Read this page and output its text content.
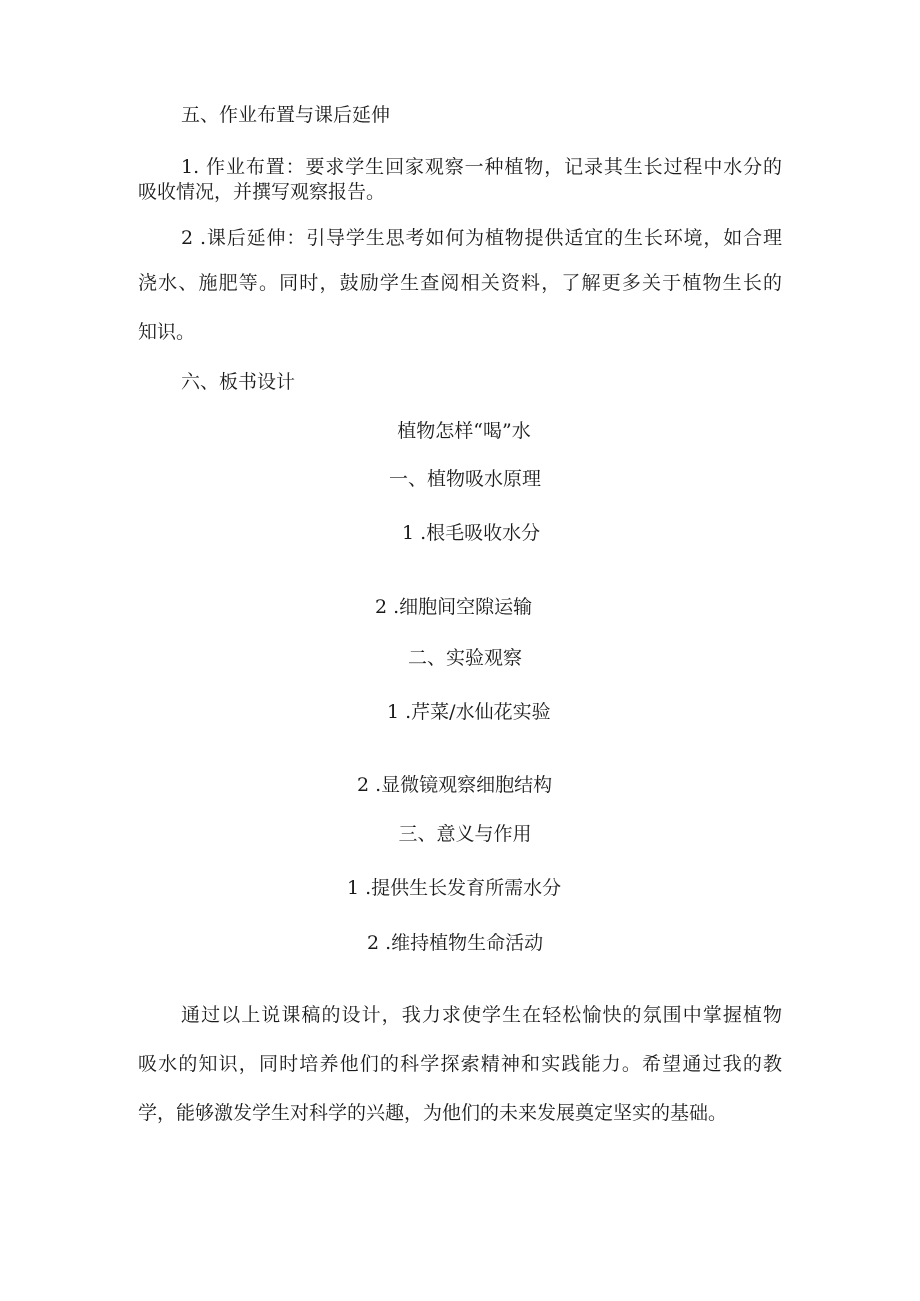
五、作业布置与课后延伸
1. 作业布置：要求学生回家观察一种植物，记录其生长过程中水分的
吸收情况，并撰写观察报告。
2 .课后延伸：引导学生思考如何为植物提供适宜的生长环境，如合理
浇水、施肥等。同时，鼓励学生查阅相关资料，了解更多关于植物生长的
知识。
六、板书设计
植物怎样“喝”水
一、植物吸水原理
1 .根毛吸收水分
2 .细胞间空隙运输
二、实验观察
1 .芹菜/水仙花实验
2 .显微镜观察细胞结构
三、意义与作用
1 .提供生长发育所需水分
2 .维持植物生命活动
通过以上说课稿的设计，我力求使学生在轻松愉快的氛围中掌握植物
吸水的知识，同时培养他们的科学探索精神和实践能力。希望通过我的教
学，能够激发学生对科学的兴趣，为他们的未来发展奠定坚实的基础。
